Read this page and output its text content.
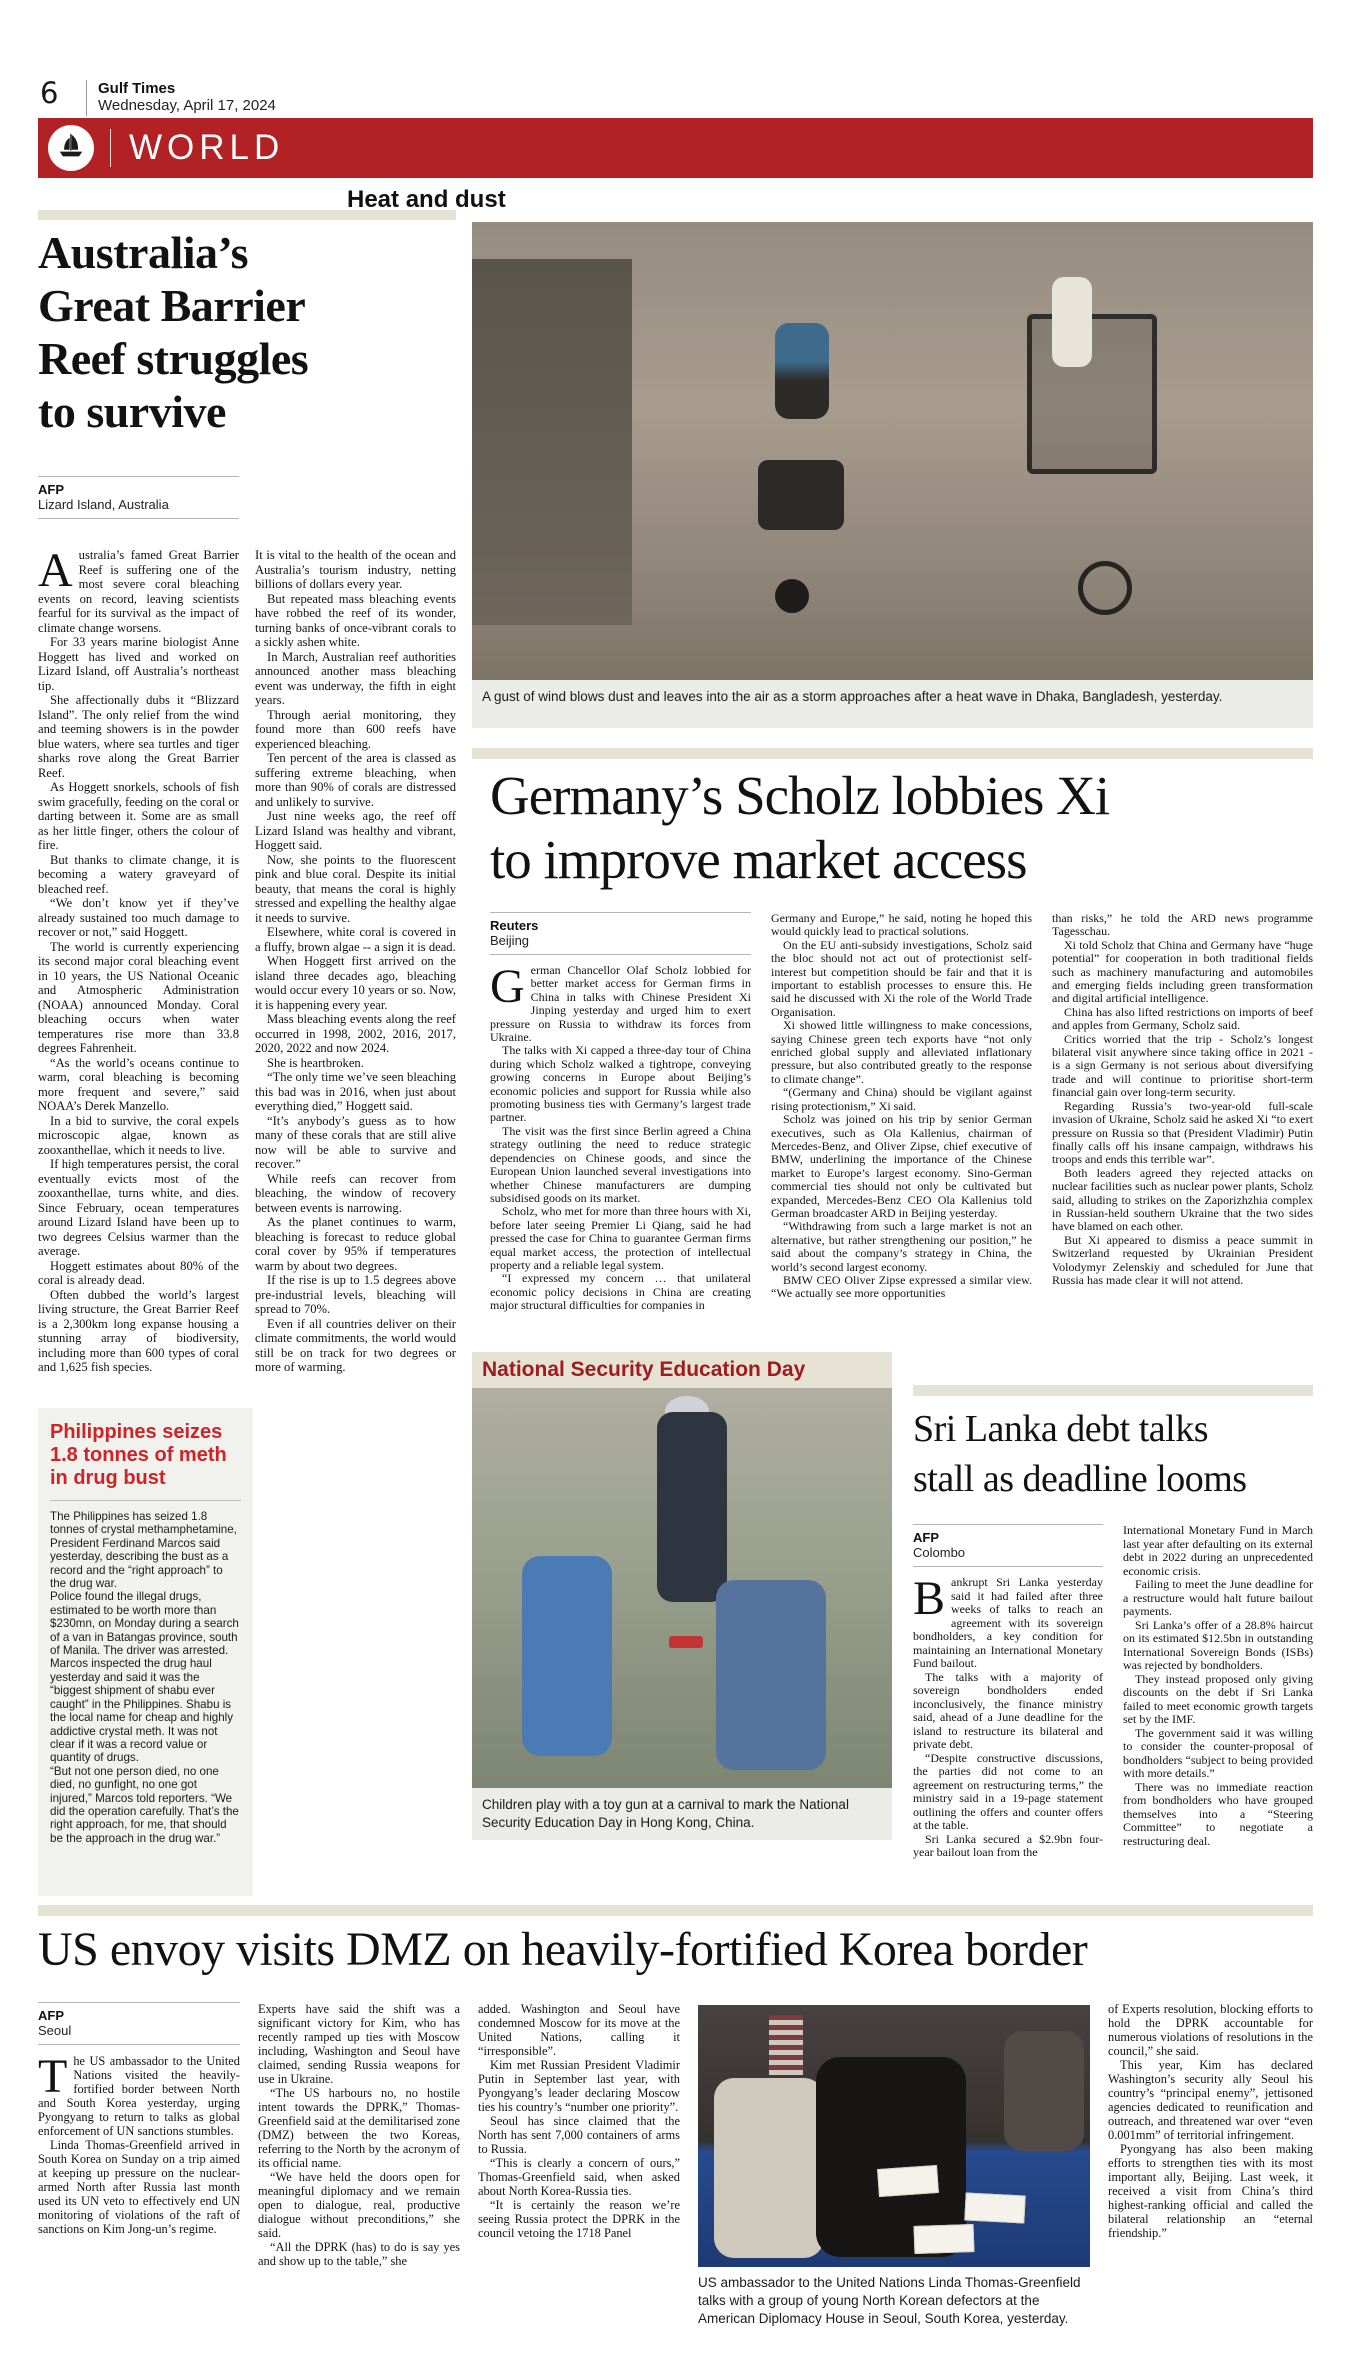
6	Gulf Times
Wednesday, April 17, 2024
WORLD

Australia’s

Great Barrier

Reef struggles

to survive

AFP
Lizard Island, Australia

Australia’s famed Great Barrier Reef is suffering one of the most severe coral bleaching events on record, leaving scientists fearful for its survival as the impact of climate change worsens.

For 33 years marine biologist Anne Hoggett has lived and worked on Lizard Island, off Australia’s northeast tip.

She affectionally dubs it “Blizzard Island”. The only relief from the wind and teeming showers is in the powder blue waters, where sea turtles and tiger sharks rove along the Great Barrier Reef.

As Hoggett snorkels, schools of fish swim gracefully, feeding on the coral or darting between it. Some are as small as her little finger, others the colour of fire.

But thanks to climate change, it is becoming a watery graveyard of bleached reef.

“We don’t know yet if they’ve already sustained too much damage to recover or not,” said Hoggett.

The world is currently experiencing its second major coral bleaching event in 10 years, the US National Oceanic and Atmospheric Administration (NOAA) announced Monday. Coral bleaching occurs when water temperatures rise more than 33.8 degrees Fahrenheit.

“As the world’s oceans continue to warm, coral bleaching is becoming more frequent and severe,” said NOAA’s Derek Manzello.

In a bid to survive, the coral expels microscopic algae, known as zooxanthellae, which it needs to live.

If high temperatures persist, the coral eventually evicts most of the zooxanthellae, turns white, and dies. Since February, ocean temperatures around Lizard Island have been up to two degrees Celsius warmer than the average.

Hoggett estimates about 80% of the coral is already dead.

Often dubbed the world’s largest living structure, the Great Barrier Reef is a 2,300km long expanse housing a stunning array of biodiversity, including more than 600 types of coral and 1,625 fish species.

It is vital to the health of the ocean and Australia’s tourism industry, netting billions of dollars every year.

But repeated mass bleaching events have robbed the reef of its wonder, turning banks of once-vibrant corals to a sickly ashen white.

In March, Australian reef authorities announced another mass bleaching event was underway, the fifth in eight years.

Through aerial monitoring, they found more than 600 reefs have experienced bleaching.

Ten percent of the area is classed as suffering extreme bleaching, when more than 90% of corals are distressed and unlikely to survive.

Just nine weeks ago, the reef off Lizard Island was healthy and vibrant, Hoggett said.

Now, she points to the fluorescent pink and blue coral. Despite its initial beauty, that means the coral is highly stressed and expelling the healthy algae it needs to survive.

Elsewhere, white coral is covered in a fluffy, brown algae -- a sign it is dead.

When Hoggett first arrived on the island three decades ago, bleaching would occur every 10 years or so. Now, it is happening every year.

Mass bleaching events along the reef occurred in 1998, 2002, 2016, 2017, 2020, 2022 and now 2024.

She is heartbroken.

“The only time we’ve seen bleaching this bad was in 2016, when just about everything died,” Hoggett said.

“It’s anybody’s guess as to how many of these corals that are still alive now will be able to survive and recover.”

While reefs can recover from bleaching, the window of recovery between events is narrowing.

As the planet continues to warm, bleaching is forecast to reduce global coral cover by 95% if temperatures warm by about two degrees.

If the rise is up to 1.5 degrees above pre-industrial levels, bleaching will spread to 70%.

Even if all countries deliver on their climate commitments, the world would still be on track for two degrees or more of warming.

Philippines seizes

1.8 tonnes of meth

in drug bust

The Philippines has seized 1.8 tonnes of crystal methamphetamine, President Ferdinand Marcos said yesterday, describing the bust as a record and the “right approach” to the drug war.

Police found the illegal drugs, estimated to be worth more than $230mn, on Monday during a search of a van in Batangas province, south of Manila. The driver was arrested.

Marcos inspected the drug haul yesterday and said it was the “biggest shipment of shabu ever caught” in the Philippines. Shabu is the local name for cheap and highly addictive crystal meth. It was not clear if it was a record value or quantity of drugs.

“But not one person died, no one died, no gunfight, no one got injured,” Marcos told reporters. “We did the operation carefully. That’s the right approach, for me, that should be the approach in the drug war.”

Heat and dust
A gust of wind blows dust and leaves into the air as a storm approaches after a heat wave in Dhaka, Bangladesh, yesterday.

Germany’s Scholz lobbies Xi

to improve market access

Reuters
Beijing

German Chancellor Olaf Scholz lobbied for better market access for German firms in China in talks with Chinese President Xi Jinping yesterday and urged him to exert pressure on Russia to withdraw its forces from Ukraine.

The talks with Xi capped a three-day tour of China during which Scholz walked a tightrope, conveying growing concerns in Europe about Beijing’s economic policies and support for Russia while also promoting business ties with Germany’s largest trade partner.

The visit was the first since Berlin agreed a China strategy outlining the need to reduce strategic dependencies on Chinese goods, and since the European Union launched several investigations into whether Chinese manufacturers are dumping subsidised goods on its market.

Scholz, who met for more than three hours with Xi, before later seeing Premier Li Qiang, said he had pressed the case for China to guarantee German firms equal market access, the protection of intellectual property and a reliable legal system.

“I expressed my concern … that unilateral economic policy decisions in China are creating major structural difficulties for companies in

Germany and Europe,” he said, noting he hoped this would quickly lead to practical solutions.

On the EU anti-subsidy investigations, Scholz said the bloc should not act out of protectionist self-interest but competition should be fair and that it is important to establish processes to ensure this. He said he discussed with Xi the role of the World Trade Organisation.

Xi showed little willingness to make concessions, saying Chinese green tech exports have “not only enriched global supply and alleviated inflationary pressure, but also contributed greatly to the response to climate change”.

“(Germany and China) should be vigilant against rising protectionism,” Xi said.

Scholz was joined on his trip by senior German executives, such as Ola Kallenius, chairman of Mercedes-Benz, and Oliver Zipse, chief executive of BMW, underlining the importance of the Chinese market to Europe’s largest economy. Sino-German commercial ties should not only be cultivated but expanded, Mercedes-Benz CEO Ola Kallenius told German broadcaster ARD in Beijing yesterday.

“Withdrawing from such a large market is not an alternative, but rather strengthening our position,” he said about the company’s strategy in China, the world’s second largest economy.

BMW CEO Oliver Zipse expressed a similar view. “We actually see more opportunities

than risks,” he told the ARD news programme Tagesschau.

Xi told Scholz that China and Germany have “huge potential” for cooperation in both traditional fields such as machinery manufacturing and automobiles and emerging fields including green transformation and digital artificial intelligence.

China has also lifted restrictions on imports of beef and apples from Germany, Scholz said.

Critics worried that the trip - Scholz’s longest bilateral visit anywhere since taking office in 2021 - is a sign Germany is not serious about diversifying trade and will continue to prioritise short-term financial gain over long-term security.

Regarding Russia’s two-year-old full-scale invasion of Ukraine, Scholz said he asked Xi “to exert pressure on Russia so that (President Vladimir) Putin finally calls off his insane campaign, withdraws his troops and ends this terrible war”.

Both leaders agreed they rejected attacks on nuclear facilities such as nuclear power plants, Scholz said, alluding to strikes on the Zaporizhzhia complex in Russian-held southern Ukraine that the two sides have blamed on each other.

But Xi appeared to dismiss a peace summit in Switzerland requested by Ukrainian President Volodymyr Zelenskiy and scheduled for June that Russia has made clear it will not attend.

National Security Education Day
Children play with a toy gun at a carnival to mark the National Security Education Day in Hong Kong, China.

Sri Lanka debt talks

stall as deadline looms

AFP
Colombo

Bankrupt Sri Lanka yesterday said it had failed after three weeks of talks to reach an agreement with its sovereign bondholders, a key condition for maintaining an International Monetary Fund bailout.

The talks with a majority of sovereign bondholders ended inconclusively, the finance ministry said, ahead of a June deadline for the island to restructure its bilateral and private debt.

“Despite constructive discussions, the parties did not come to an agreement on restructuring terms,” the ministry said in a 19-page statement outlining the offers and counter offers at the table.

Sri Lanka secured a $2.9bn four-year bailout loan from the

International Monetary Fund in March last year after defaulting on its external debt in 2022 during an unprecedented economic crisis.

Failing to meet the June deadline for a restructure would halt future bailout payments.

Sri Lanka’s offer of a 28.8% haircut on its estimated $12.5bn in outstanding International Sovereign Bonds (ISBs) was rejected by bondholders.

They instead proposed only giving discounts on the debt if Sri Lanka failed to meet economic growth targets set by the IMF.

The government said it was willing to consider the counter-proposal of bondholders “subject to being provided with more details.”

There was no immediate reaction from bondholders who have grouped themselves into a “Steering Committee” to negotiate a restructuring deal.

US envoy visits DMZ on heavily-fortified Korea border

AFP
Seoul

The US ambassador to the United Nations visited the heavily-fortified border between North and South Korea yesterday, urging Pyongyang to return to talks as global enforcement of UN sanctions stumbles.

Linda Thomas-Greenfield arrived in South Korea on Sunday on a trip aimed at keeping up pressure on the nuclear-armed North after Russia last month used its UN veto to effectively end UN monitoring of violations of the raft of sanctions on Kim Jong-un’s regime.

Experts have said the shift was a significant victory for Kim, who has recently ramped up ties with Moscow including, Washington and Seoul have claimed, sending Russia weapons for use in Ukraine.

“The US harbours no, no hostile intent towards the DPRK,” Thomas-Greenfield said at the demilitarised zone (DMZ) between the two Koreas, referring to the North by the acronym of its official name.

“We have held the doors open for meaningful diplomacy and we remain open to dialogue, real, productive dialogue without preconditions,” she said.

“All the DPRK (has) to do is say yes and show up to the table,” she

added. Washington and Seoul have condemned Moscow for its move at the United Nations, calling it “irresponsible”.

Kim met Russian President Vladimir Putin in September last year, with Pyongyang’s leader declaring Moscow ties his country’s “number one priority”.

Seoul has since claimed that the North has sent 7,000 containers of arms to Russia.

“This is clearly a concern of ours,” Thomas-Greenfield said, when asked about North Korea-Russia ties.

“It is certainly the reason we’re seeing Russia protect the DPRK in the council vetoing the 1718 Panel

US ambassador to the United Nations Linda Thomas-Greenfield talks with a group of young North Korean defectors at the American Diplomacy House in Seoul, South Korea, yesterday.

of Experts resolution, blocking efforts to hold the DPRK accountable for numerous violations of resolutions in the council,” she said.

This year, Kim has declared Washington’s security ally Seoul his country’s “principal enemy”, jettisoned agencies dedicated to reunification and outreach, and threatened war over “even 0.001mm” of territorial infringement.

Pyongyang has also been making efforts to strengthen ties with its most important ally, Beijing. Last week, it received a visit from China’s third highest-ranking official and called the bilateral relationship an “eternal friendship.”
